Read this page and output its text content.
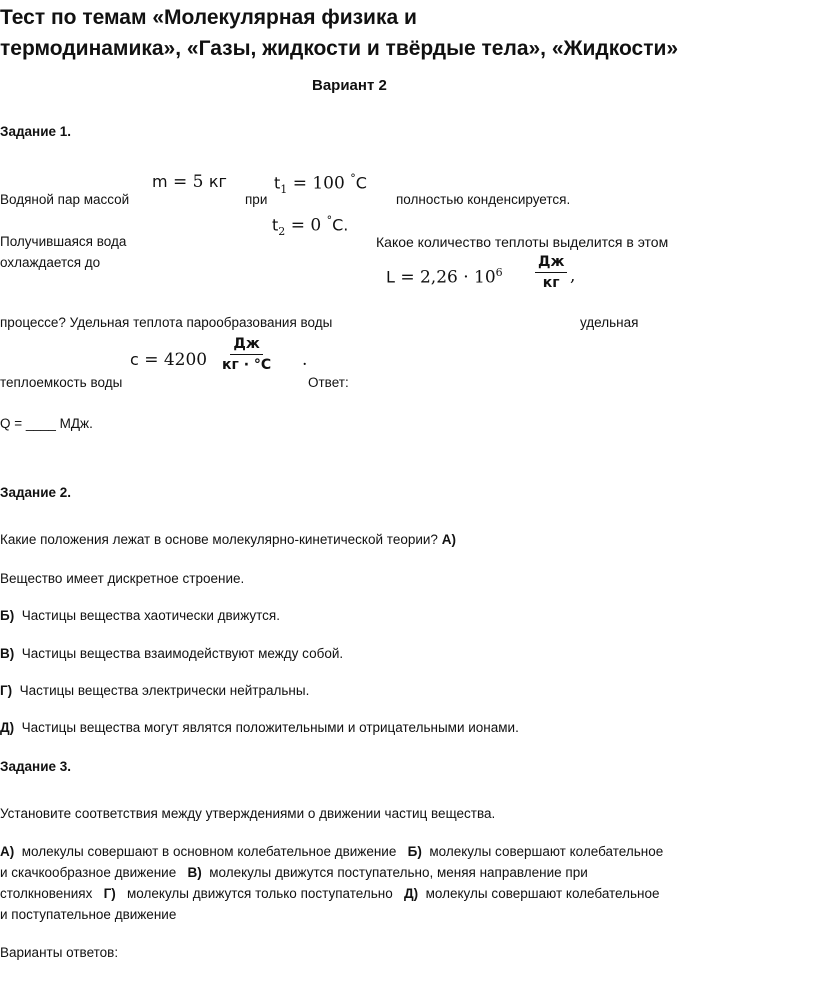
Тест по темам «Молекулярная физика и
термодинамика», «Газы, жидкости и твёрдые тела», «Жидкости»
Вариант 2
Задание 1.
m = 5 кг	$t_1 = 100$ °C
Водяной пар массой	при	полностью конденсируется.
$t_2 = 0$ °С.
Получившаяся вода	Какое количество теплоты выделится в этом
охлаждается до
$L = 2,26 \cdot 10^6$
Дж
кг ,
процессе? Удельная теплота парообразования воды	удельная
c = 4200
Дж
кг · °C .
теплоемкость воды	Ответ:
Q = ____ МДж.
Задание 2.
Какие положения лежат в основе молекулярно-кинетической теории? А)
Вещество имеет дискретное строение.
Б) Частицы вещества хаотически движутся.
В) Частицы вещества взаимодействуют между собой.
Г) Частицы вещества электрически нейтральны.
Д) Частицы вещества могут являтся положительными и отрицательными ионами.
Задание 3.
Установите соответствия между утверждениями о движении частиц вещества.
А) молекулы совершают в основном колебательное движение Б) молекулы совершают колебательное
и скачкообразное движение В) молекулы движутся поступательно, меняя направление при
столкновениях Г) молекулы движутся только поступательно Д) молекулы совершают колебательное
и поступательное движение
Варианты ответов:
